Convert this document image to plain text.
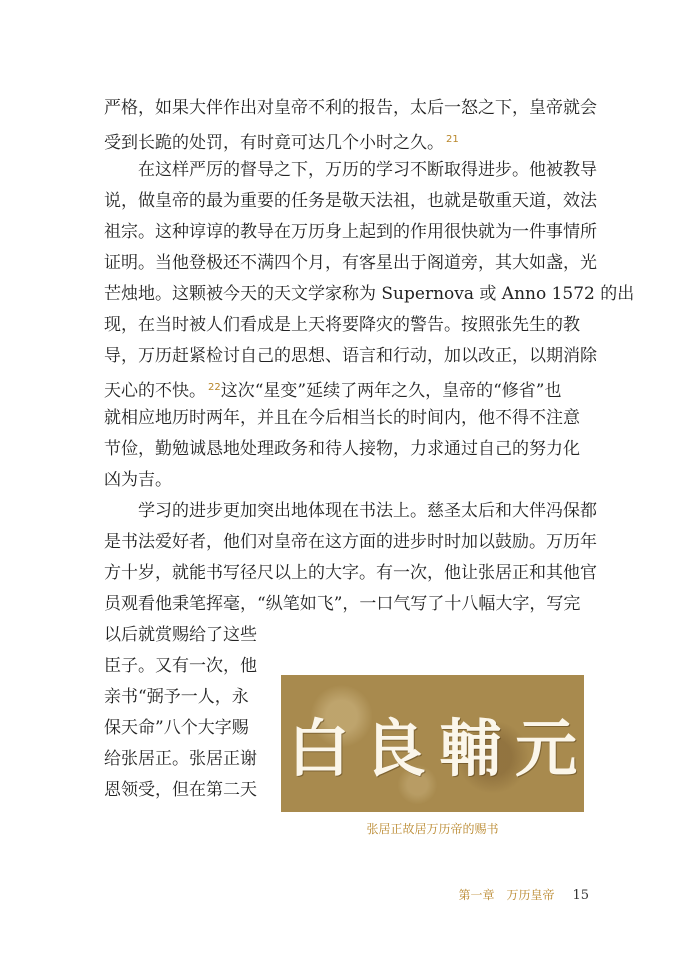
严格，如果大伴作出对皇帝不利的报告，太后一怒之下，皇帝就会
受到长跪的处罚，有时竟可达几个小时之久。 $^{21}$
在这样严厉的督导之下，万历的学习不断取得进步。他被教导
说，做皇帝的最为重要的任务是敬天法祖，也就是敬重天道，效法
祖宗。这种谆谆的教导在万历身上起到的作用很快就为一件事情所
证明。当他登极还不满四个月，有客星出于阁道旁，其大如盏，光
芒烛地。这颗被今天的天文学家称为 Supernova 或 Anno 1572 的出
现，在当时被人们看成是上天将要降灾的警告。按照张先生的教
导，万历赶紧检讨自己的思想、语言和行动，加以改正，以期消除
天心的不快。 $^{22}$这次“星变”延续了两年之久，皇帝的“修省”也
就相应地历时两年，并且在今后相当长的时间内，他不得不注意
节俭，勤勉诚恳地处理政务和待人接物，力求通过自己的努力化
凶为吉。
学习的进步更加突出地体现在书法上。慈圣太后和大伴冯保都
是书法爱好者，他们对皇帝在这方面的进步时时加以鼓励。万历年
方十岁，就能书写径尺以上的大字。有一次，他让张居正和其他官
员观看他秉笔挥毫，“纵笔如飞”，一口气写了十八幅大字，写完
以后就赏赐给了这些
臣子。又有一次，他
亲书“弼予一人，永
保天命”八个大字赐
给张居正。张居正谢
恩领受，但在第二天
白 良 輔 元
张居正故居万历帝的赐书
第一章　万历皇帝 15
